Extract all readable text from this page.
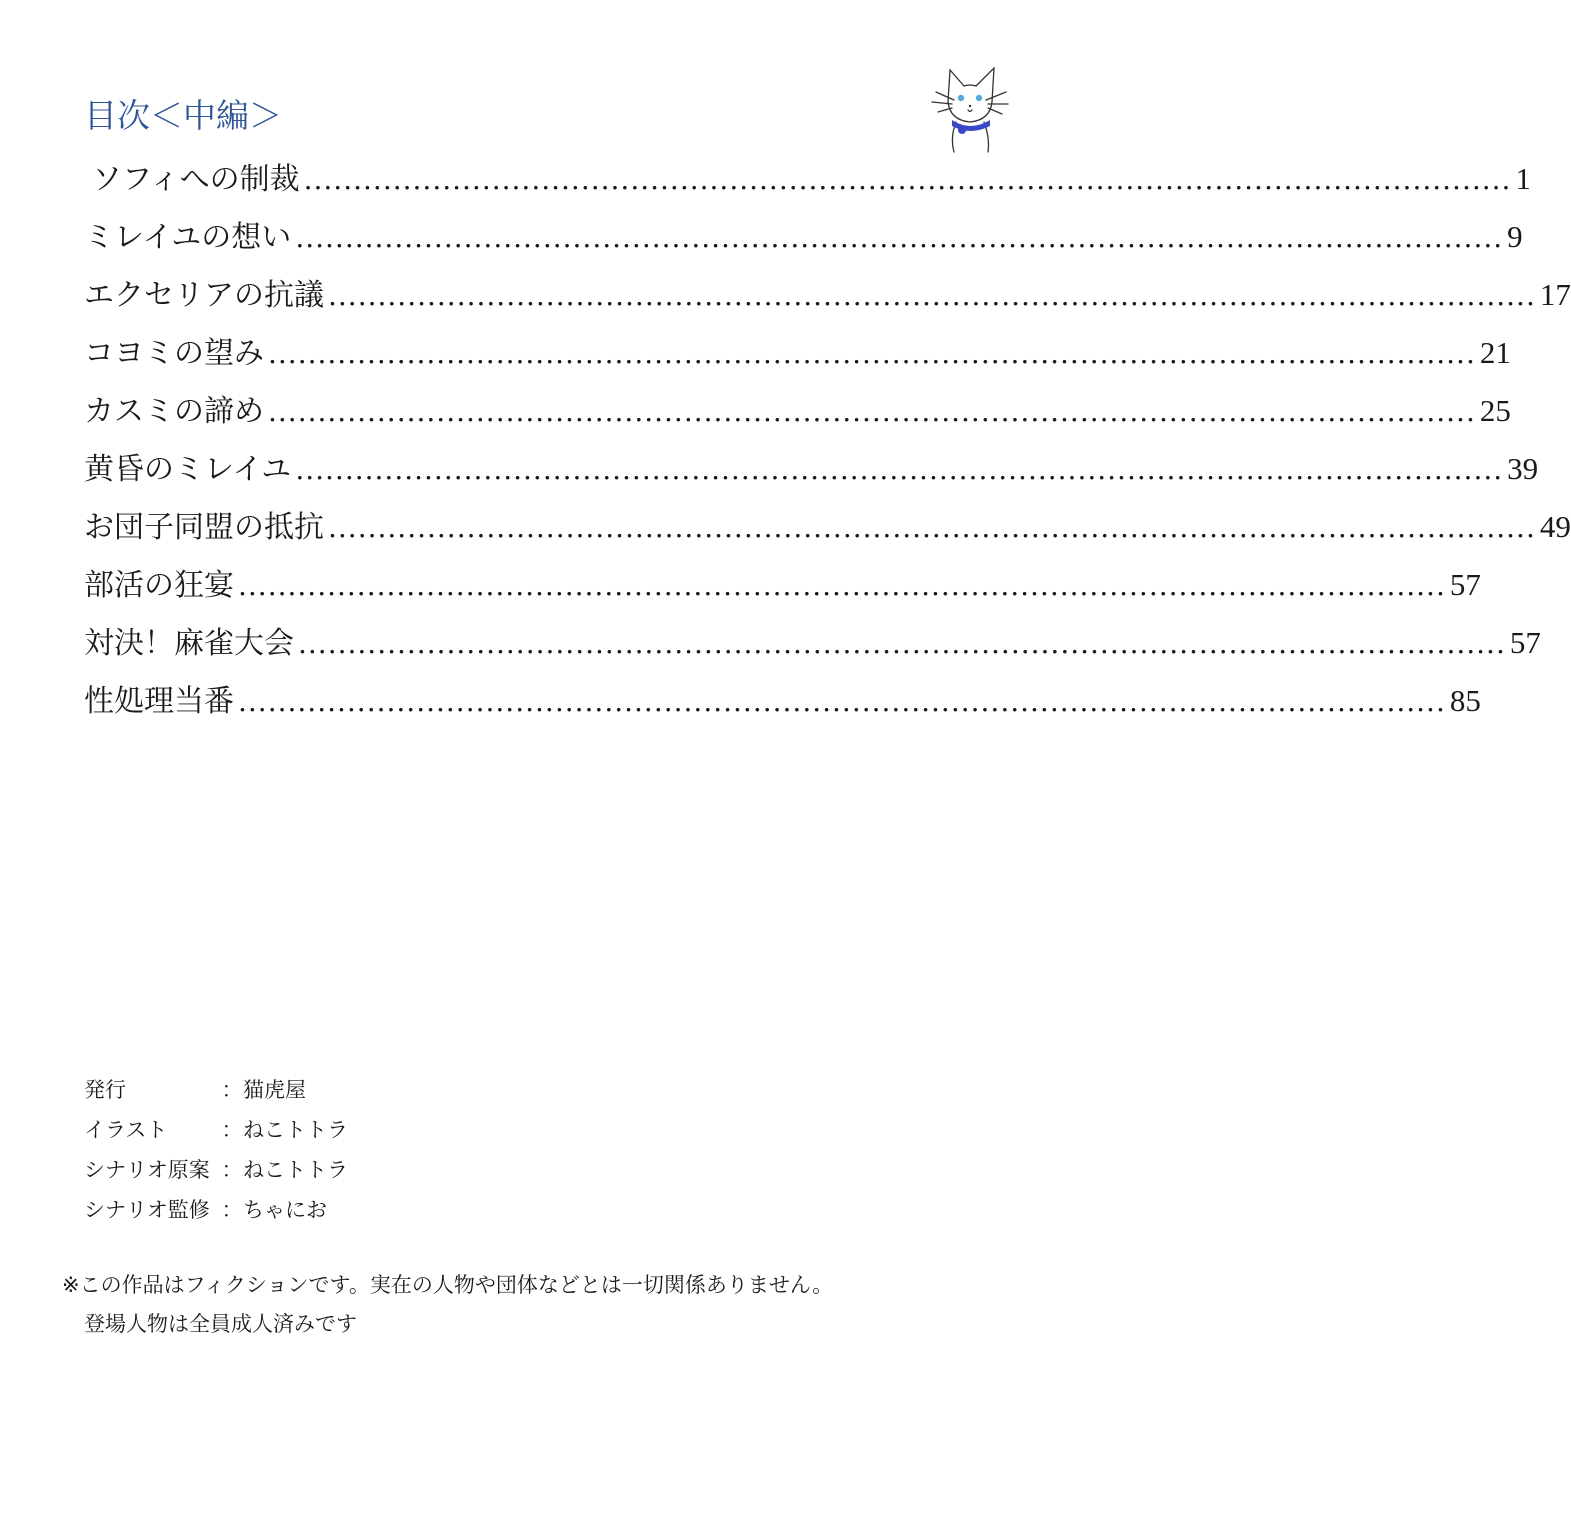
目次＜中編＞
ソフィへの制裁 .......................................................................................................................... 1
ミレイユの想い .......................................................................................................................... 9
エクセリアの抗議 .......................................................................................................................... 17
コヨミの望み .......................................................................................................................... 21
カスミの諦め .......................................................................................................................... 25
黄昏のミレイユ .......................................................................................................................... 39
お団子同盟の抵抗 .......................................................................................................................... 49
部活の狂宴 .......................................................................................................................... 57
対決！麻雀大会 .......................................................................................................................... 57
性処理当番 .......................................................................................................................... 85
発行	： 猫虎屋
イラスト	： ねこトトラ
シナリオ原案 ： ねこトトラ
シナリオ監修 ： ちゃにお
※この作品はフィクションです。実在の人物や団体などとは一切関係ありません。
登場人物は全員成人済みです
